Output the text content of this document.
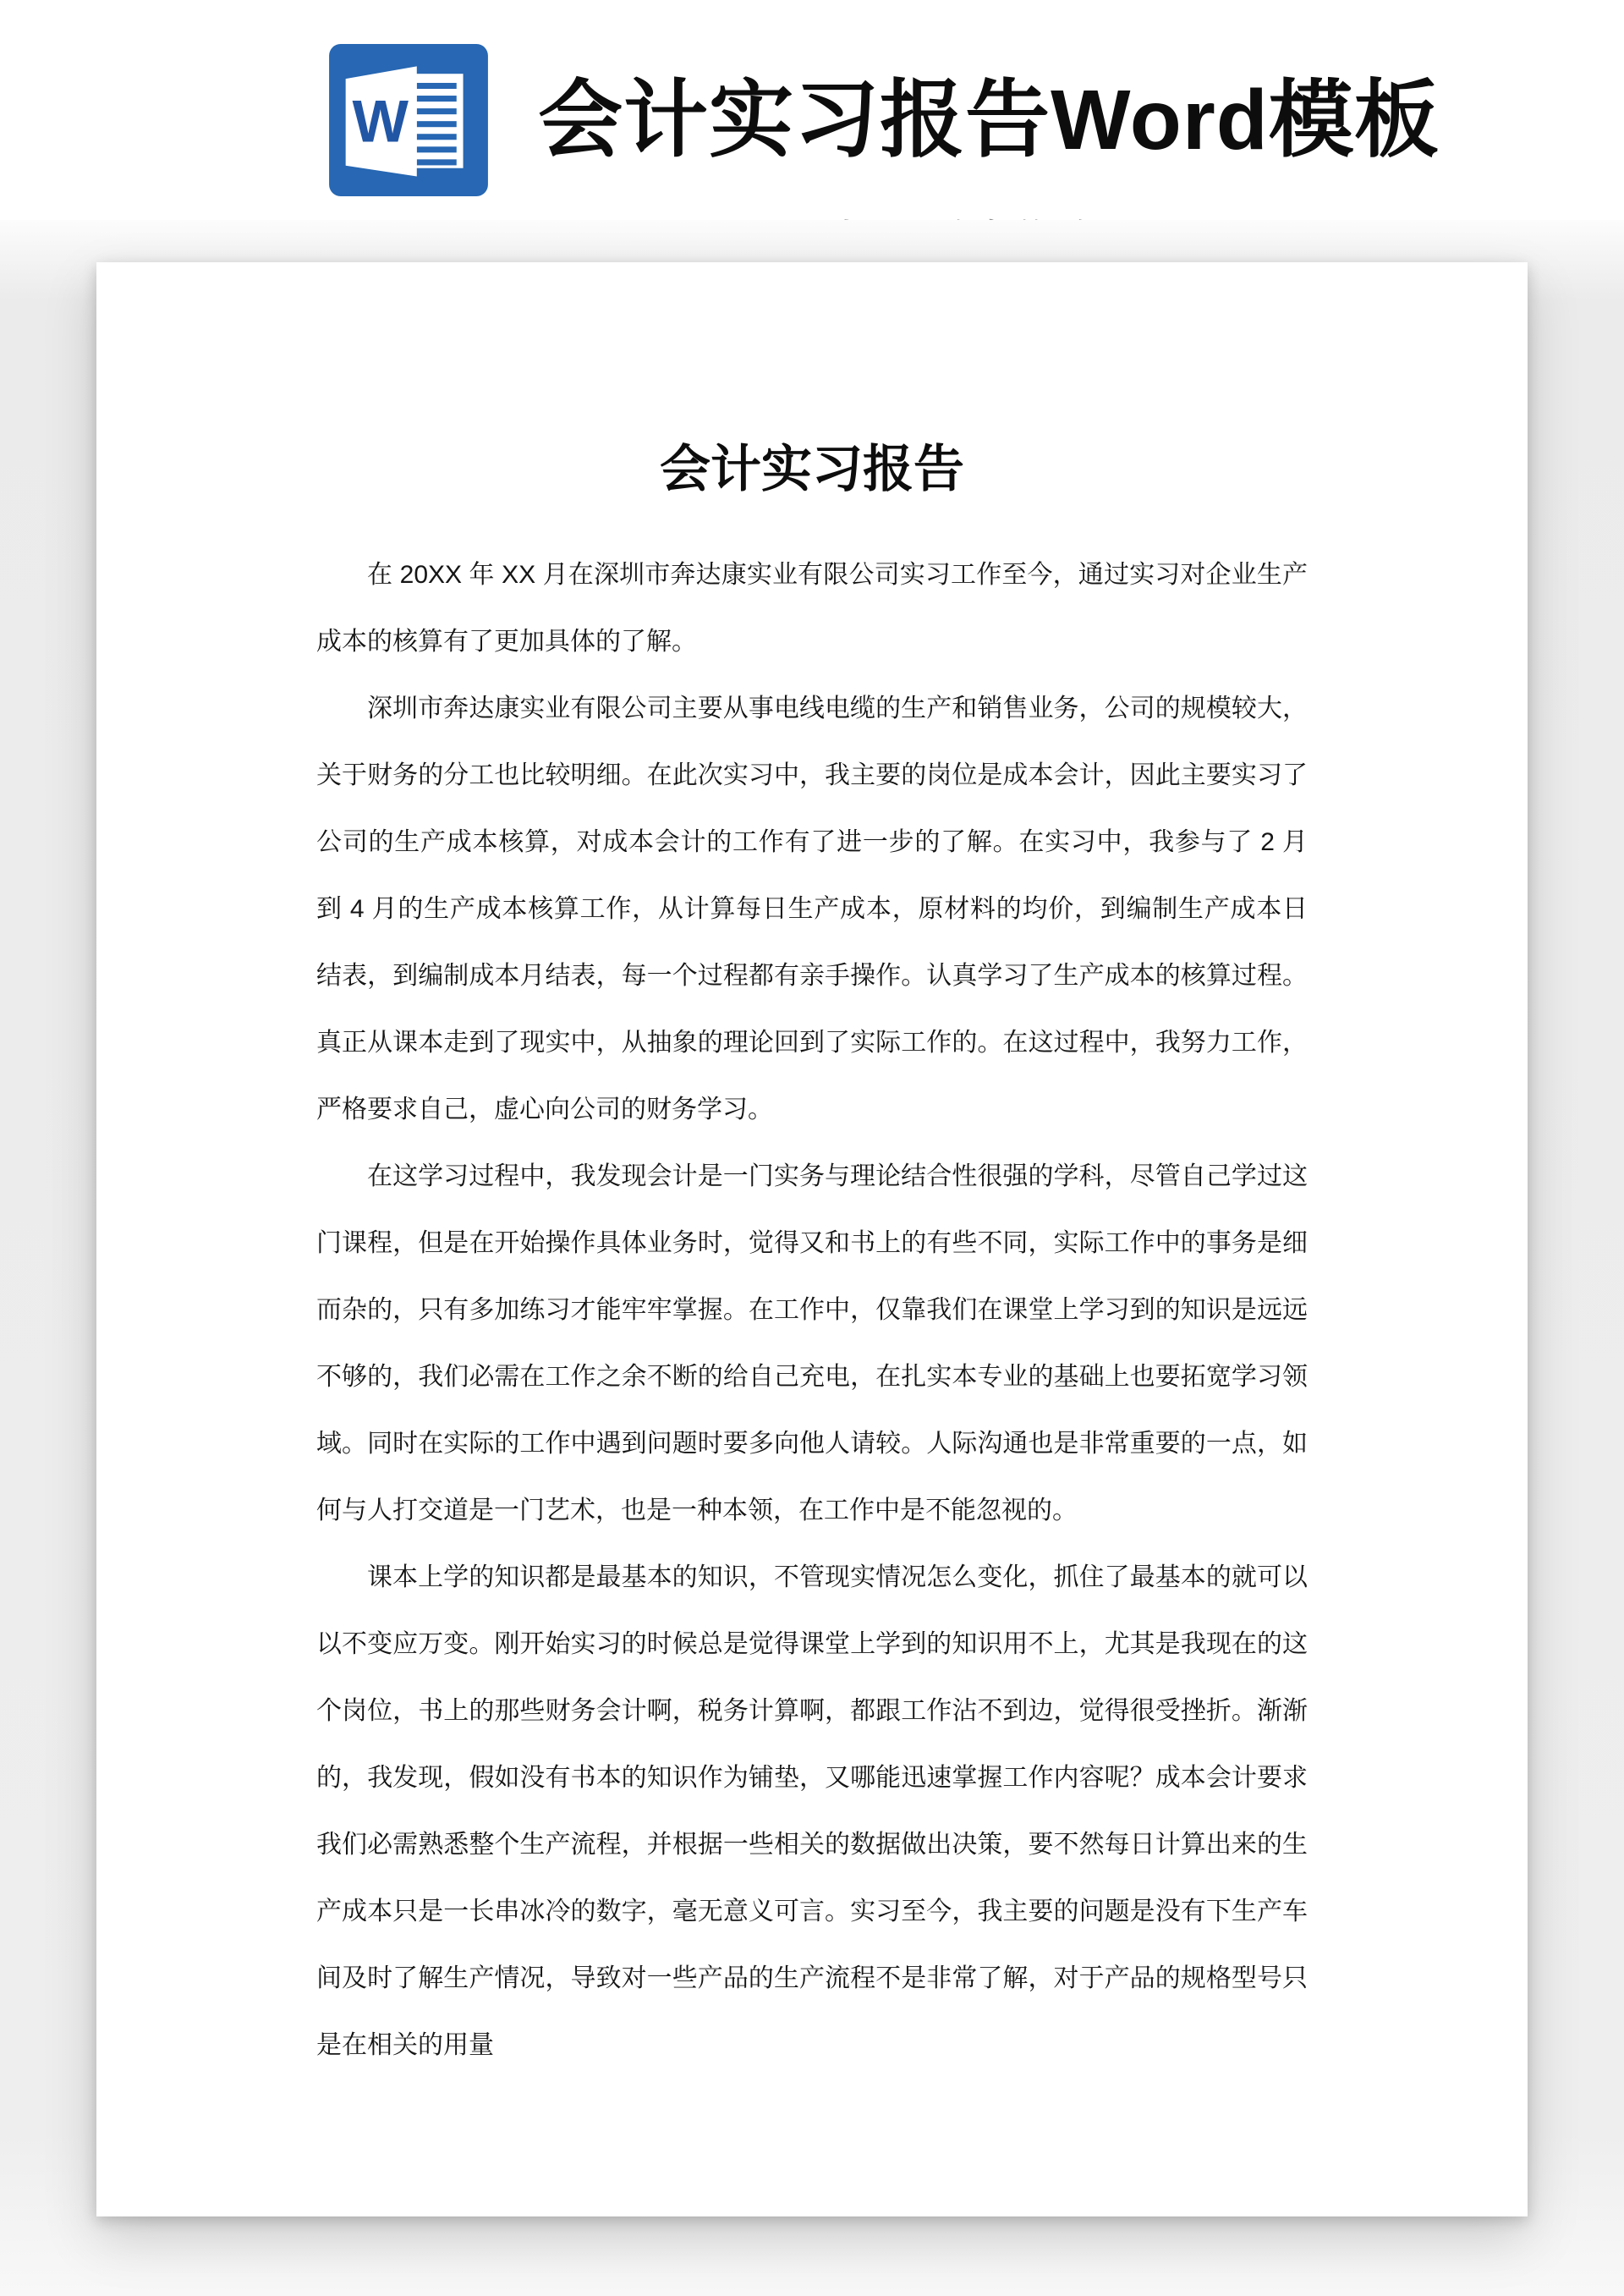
W 会计实习报告Word模板
会计实习报告

在 20XX 年 XX 月在深圳市奔达康实业有限公司实习工作至今，通过实习对企业生产成本的核算有了更加具体的了解。

深圳市奔达康实业有限公司主要从事电线电缆的生产和销售业务，公司的规模较大，关于财务的分工也比较明细。在此次实习中，我主要的岗位是成本会计，因此主要实习了公司的生产成本核算，对成本会计的工作有了进一步的了解。在实习中，我参与了 2 月到 4 月的生产成本核算工作，从计算每日生产成本，原材料的均价，到编制生产成本日结表，到编制成本月结表，每一个过程都有亲手操作。认真学习了生产成本的核算过程。真正从课本走到了现实中，从抽象的理论回到了实际工作的。在这过程中，我努力工作，严格要求自己，虚心向公司的财务学习。

在这学习过程中，我发现会计是一门实务与理论结合性很强的学科，尽管自己学过这门课程，但是在开始操作具体业务时，觉得又和书上的有些不同，实际工作中的事务是细而杂的，只有多加练习才能牢牢掌握。在工作中，仅靠我们在课堂上学习到的知识是远远不够的，我们必需在工作之余不断的给自己充电，在扎实本专业的基础上也要拓宽学习领域。同时在实际的工作中遇到问题时要多向他人请较。人际沟通也是非常重要的一点，如何与人打交道是一门艺术，也是一种本领，在工作中是不能忽视的。

课本上学的知识都是最基本的知识，不管现实情况怎么变化，抓住了最基本的就可以以不变应万变。刚开始实习的时候总是觉得课堂上学到的知识用不上，尤其是我现在的这个岗位，书上的那些财务会计啊，税务计算啊，都跟工作沾不到边，觉得很受挫折。渐渐的，我发现，假如没有书本的知识作为铺垫，又哪能迅速掌握工作内容呢？成本会计要求我们必需熟悉整个生产流程，并根据一些相关的数据做出决策，要不然每日计算出来的生产成本只是一长串冰冷的数字，毫无意义可言。实习至今，我主要的问题是没有下生产车间及时了解生产情况，导致对一些产品的生产流程不是非常了解，对于产品的规格型号只是在相关的用量
